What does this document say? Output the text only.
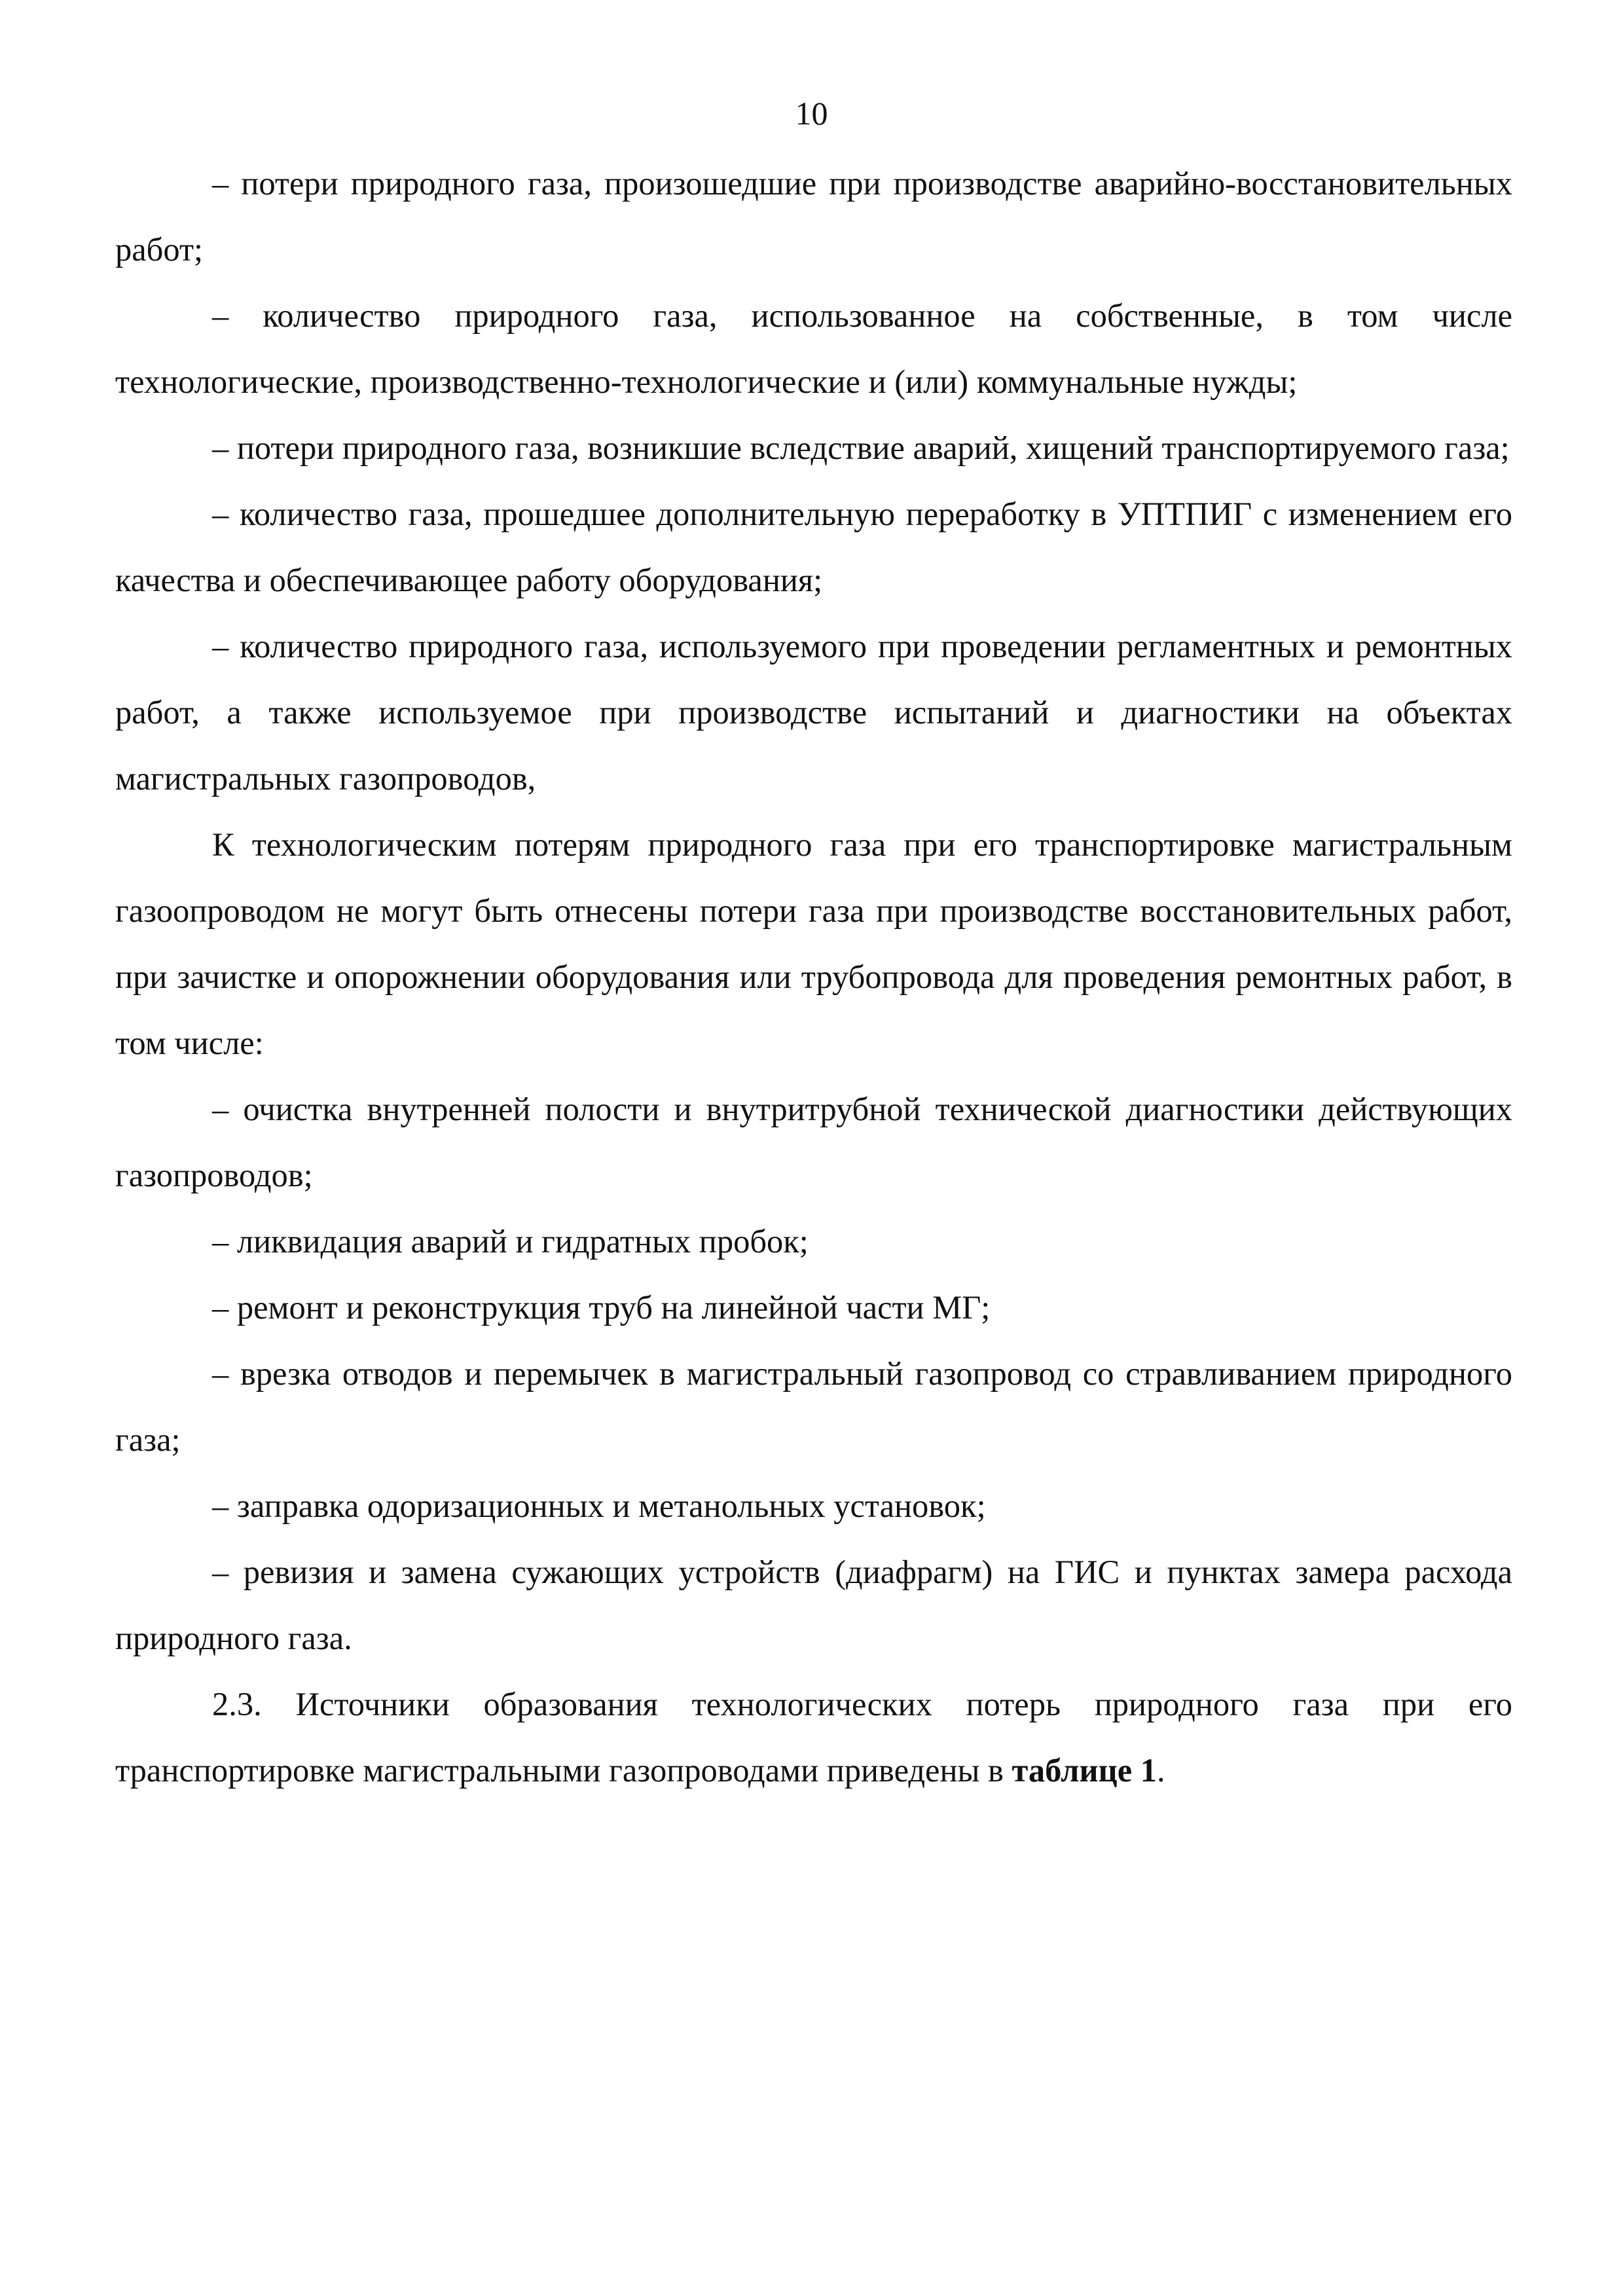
10

– потери природного газа, произошедшие при производстве аварийно-восстановительных работ;

– количество природного газа, использованное на собственные, в том числе технологические, производственно-технологические и (или) коммунальные нужды;

– потери природного газа, возникшие вследствие аварий, хищений транспортируемого газа;

– количество газа, прошедшее дополнительную переработку в УПТПИГ с изменением его качества и обеспечивающее работу оборудования;

– количество природного газа, используемого при проведении регламентных и ремонтных работ, а также используемое при производстве испытаний и диагностики на объектах магистральных газопроводов,

К технологическим потерям природного газа при его транспортировке магистральным газоопроводом не могут быть отнесены потери газа при производстве восстановительных работ, при зачистке и опорожнении оборудования или трубопровода для проведения ремонтных работ, в том числе:

– очистка внутренней полости и внутритрубной технической диагностики действующих газопроводов;

– ликвидация аварий и гидратных пробок;

– ремонт и реконструкция труб на линейной части МГ;

– врезка отводов и перемычек в магистральный газопровод со стравливанием природного газа;

– заправка одоризационных и метанольных установок;

– ревизия и замена сужающих устройств (диафрагм) на ГИС и пунктах замера расхода природного газа.

2.3. Источники образования технологических потерь природного газа при его транспортировке магистральными газопроводами приведены в таблице 1.
